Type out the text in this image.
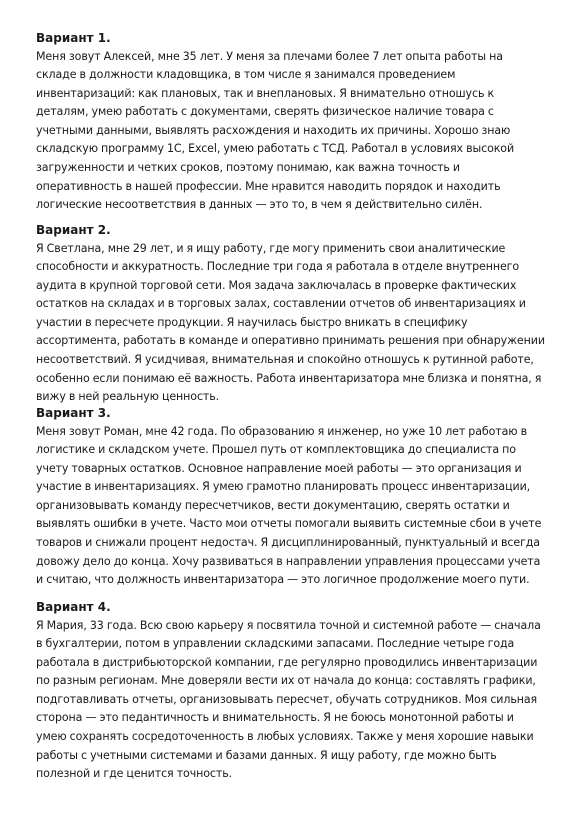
Вариант 1.

Меня зовут Алексей, мне 35 лет. У меня за плечами более 7 лет опыта работы на складе в должности кладовщика, в том числе я занимался проведением инвентаризаций: как плановых, так и внеплановых. Я внимательно отношусь к деталям, умею работать с документами, сверять физическое наличие товара с учетными данными, выявлять расхождения и находить их причины. Хорошо знаю складскую программу 1С, Excel, умею работать с ТСД. Работал в условиях высокой загруженности и четких сроков, поэтому понимаю, как важна точность и оперативность в нашей профессии. Мне нравится наводить порядок и находить логические несоответствия в данных — это то, в чем я действительно силён.

Вариант 2.

Я Светлана, мне 29 лет, и я ищу работу, где могу применить свои аналитические способности и аккуратность. Последние три года я работала в отделе внутреннего аудита в крупной торговой сети. Моя задача заключалась в проверке фактических остатков на складах и в торговых залах, составлении отчетов об инвентаризациях и участии в пересчете продукции. Я научилась быстро вникать в специфику ассортимента, работать в команде и оперативно принимать решения при обнаружении несоответствий. Я усидчивая, внимательная и спокойно отношусь к рутинной работе, особенно если понимаю её важность. Работа инвентаризатора мне близка и понятна, я вижу в ней реальную ценность.

Вариант 3.

Меня зовут Роман, мне 42 года. По образованию я инженер, но уже 10 лет работаю в логистике и складском учете. Прошел путь от комплектовщика до специалиста по учету товарных остатков. Основное направление моей работы — это организация и участие в инвентаризациях. Я умею грамотно планировать процесс инвентаризации, организовывать команду пересчетчиков, вести документацию, сверять остатки и выявлять ошибки в учете. Часто мои отчеты помогали выявить системные сбои в учете товаров и снижали процент недостач. Я дисциплинированный, пунктуальный и всегда довожу дело до конца. Хочу развиваться в направлении управления процессами учета и считаю, что должность инвентаризатора — это логичное продолжение моего пути.

Вариант 4.

Я Мария, 33 года. Всю свою карьеру я посвятила точной и системной работе — сначала в бухгалтерии, потом в управлении складскими запасами. Последние четыре года работала в дистрибьюторской компании, где регулярно проводились инвентаризации по разным регионам. Мне доверяли вести их от начала до конца: составлять графики, подготавливать отчеты, организовывать пересчет, обучать сотрудников. Моя сильная сторона — это педантичность и внимательность. Я не боюсь монотонной работы и умею сохранять сосредоточенность в любых условиях. Также у меня хорошие навыки работы с учетными системами и базами данных. Я ищу работу, где можно быть полезной и где ценится точность.
